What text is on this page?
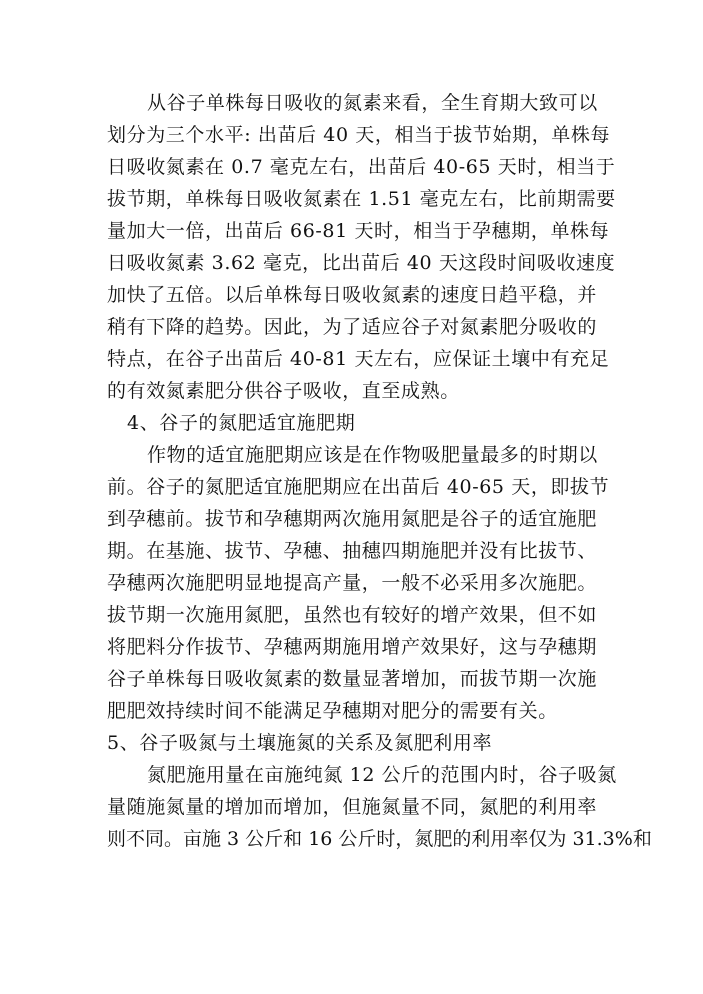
从谷子单株每日吸收的氮素来看，全生育期大致可以
划分为三个水平: 出苗后 40 天，相当于拔节始期，单株每
日吸收氮素在 0.7 毫克左右，出苗后 40-65 天时，相当于
拔节期，单株每日吸收氮素在 1.51 毫克左右，比前期需要
量加大一倍，出苗后 66-81 天时，相当于孕穗期，单株每
日吸收氮素 3.62 毫克，比出苗后 40 天这段时间吸收速度
加快了五倍。以后单株每日吸收氮素的速度日趋平稳，并
稍有下降的趋势。因此，为了适应谷子对氮素肥分吸收的
特点，在谷子出苗后 40-81 天左右，应保证土壤中有充足
的有效氮素肥分供谷子吸收，直至成熟。
4、谷子的氮肥适宜施肥期
作物的适宜施肥期应该是在作物吸肥量最多的时期以
前。谷子的氮肥适宜施肥期应在出苗后 40-65 天，即拔节
到孕穗前。拔节和孕穗期两次施用氮肥是谷子的适宜施肥
期。在基施、拔节、孕穗、抽穗四期施肥并没有比拔节、
孕穗两次施肥明显地提高产量，一般不必采用多次施肥。
拔节期一次施用氮肥，虽然也有较好的增产效果，但不如
将肥料分作拔节、孕穗两期施用增产效果好，这与孕穗期
谷子单株每日吸收氮素的数量显著增加，而拔节期一次施
肥肥效持续时间不能满足孕穗期对肥分的需要有关。
5、谷子吸氮与土壤施氮的关系及氮肥利用率
氮肥施用量在亩施纯氮 12 公斤的范围内时，谷子吸氮
量随施氮量的增加而增加，但施氮量不同，氮肥的利用率
则不同。亩施 3 公斤和 16 公斤时，氮肥的利用率仅为 31.3%和
